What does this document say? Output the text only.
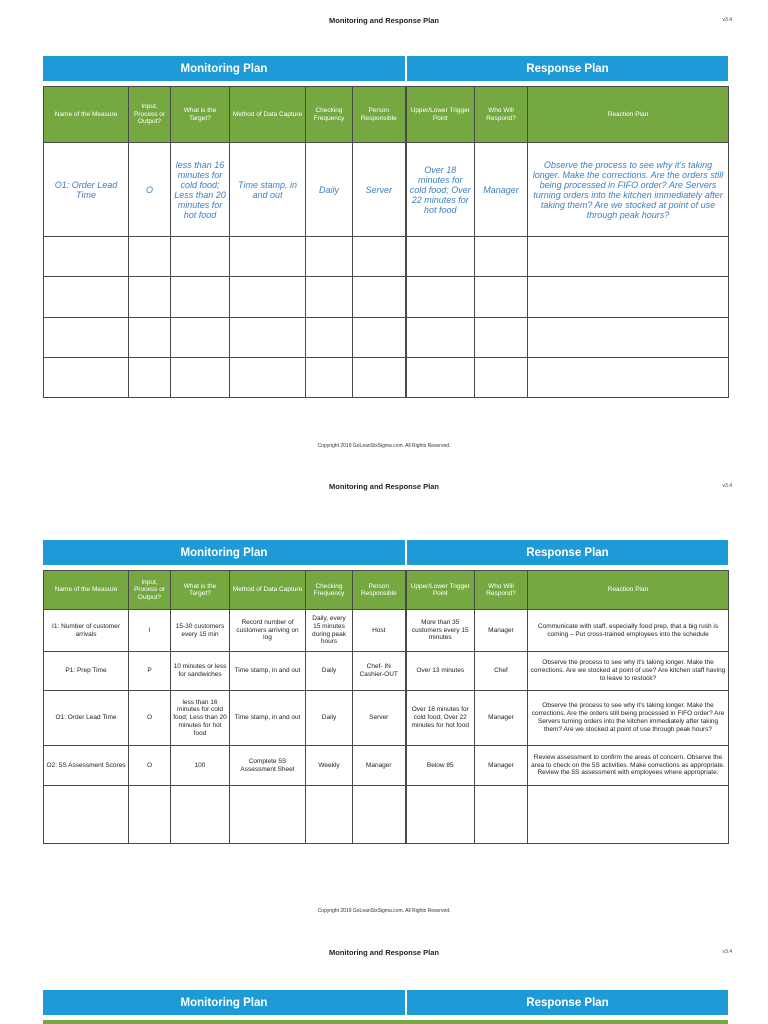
Monitoring and Response Plan	v3.4
Monitoring Plan	Response Plan
Name of the Measure	Input, Process or Output?	What is the Target?	Method of Data Capture	Checking Frequency	Person Responsible	Upper/Lower Trigger Point	Who Will Respond?	Reaction Plan
O1: Order Lead Time	O	less than 16 minutes for cold food; Less than 20 minutes for hot food	Time stamp, in and out	Daily	Server	Over 18 minutes for cold food; Over 22 minutes for hot food	Manager	Observe the process to see why it's taking longer. Make the corrections. Are the orders still being processed in FIFO order? Are Servers turning orders into the kitchen immediately after taking them? Are we stocked at point of use through peak hours?

Copyright 2019 GoLeanSixSigma.com. All Rights Reserved.
Monitoring and Response Plan	v3.4
Monitoring Plan	Response Plan
Name of the Measure	Input, Process or Output?	What is the Target?	Method of Data Capture	Checking Frequency	Person Responsible	Upper/Lower Trigger Point	Who Will Respond?	Reaction Plan
I1: Number of customer arrivals	I	15-30 customers every 15 min	Record number of customers arriving on log	Daily, every 15 minutes during peak hours	Host	More than 35 customers every 15 minutes	Manager	Communicate with staff, especially food prep, that a big rush is coming – Put cross-trained employees into the schedule
P1: Prep Time	P	10 minutes or less for sandwiches	Time stamp, in and out	Daily	Chef- IN Cashier-OUT	Over 13 minutes	Chef	Observe the process to see why it's taking longer. Make the corrections. Are we stocked at point of use? Are kitchen staff having to leave to restock?
O1: Order Lead Time	O	less than 16 minutes for cold food; Less than 20 minutes for hot food	Time stamp, in and out	Daily	Server	Over 18 minutes for cold food; Over 22 minutes for hot food	Manager	Observe the process to see why it's taking longer. Make the corrections. Are the orders still being processed in FIFO order? Are Servers turning orders into the kitchen immediately after taking them? Are we stocked at point of use through peak hours?
O2: 5S Assessment Scores	O	100	Complete 5S Assessment Sheet	Weekly	Manager	Below 85	Manager	Review assessment to confirm the areas of concern. Observe the area to check on the 5S activities. Make corrections as appropriate. Review the 5S assessment with employees where appropriate.

Copyright 2019 GoLeanSixSigma.com. All Rights Reserved.
Monitoring and Response Plan	v3.4
Monitoring Plan	Response Plan
